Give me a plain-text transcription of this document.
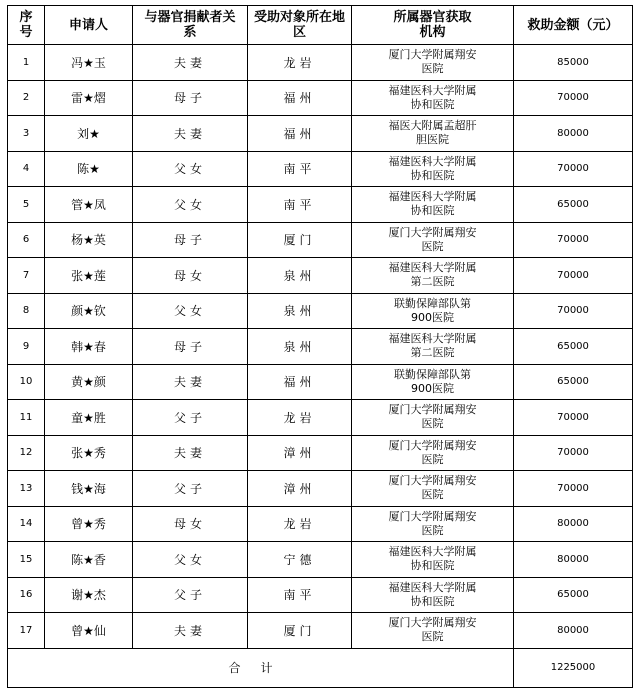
序号	申请人	与器官捐献者关系	受助对象所在地区	所属器官获取机构	救助金额（元）
1	冯★玉	夫妻	龙岩	厦门大学附属翔安医院	85000
2	雷★熠	母子	福州	福建医科大学附属协和医院	70000
3	刘★	夫妻	福州	福医大附属孟超肝胆医院	80000
4	陈★	父女	南平	福建医科大学附属协和医院	70000
5	管★凤	父女	南平	福建医科大学附属协和医院	65000
6	杨★英	母子	厦门	厦门大学附属翔安医院	70000
7	张★莲	母女	泉州	福建医科大学附属第二医院	70000
8	颜★钦	父女	泉州	联勤保障部队第900医院	70000
9	韩★春	母子	泉州	福建医科大学附属第二医院	65000
10	黄★颜	夫妻	福州	联勤保障部队第900医院	65000
11	童★胜	父子	龙岩	厦门大学附属翔安医院	70000
12	张★秀	夫妻	漳州	厦门大学附属翔安医院	70000
13	钱★海	父子	漳州	厦门大学附属翔安医院	70000
14	曾★秀	母女	龙岩	厦门大学附属翔安医院	80000
15	陈★香	父女	宁德	福建医科大学附属协和医院	80000
16	谢★杰	父子	南平	福建医科大学附属协和医院	65000
17	曾★仙	夫妻	厦门	厦门大学附属翔安医院	80000
合计					1225000
